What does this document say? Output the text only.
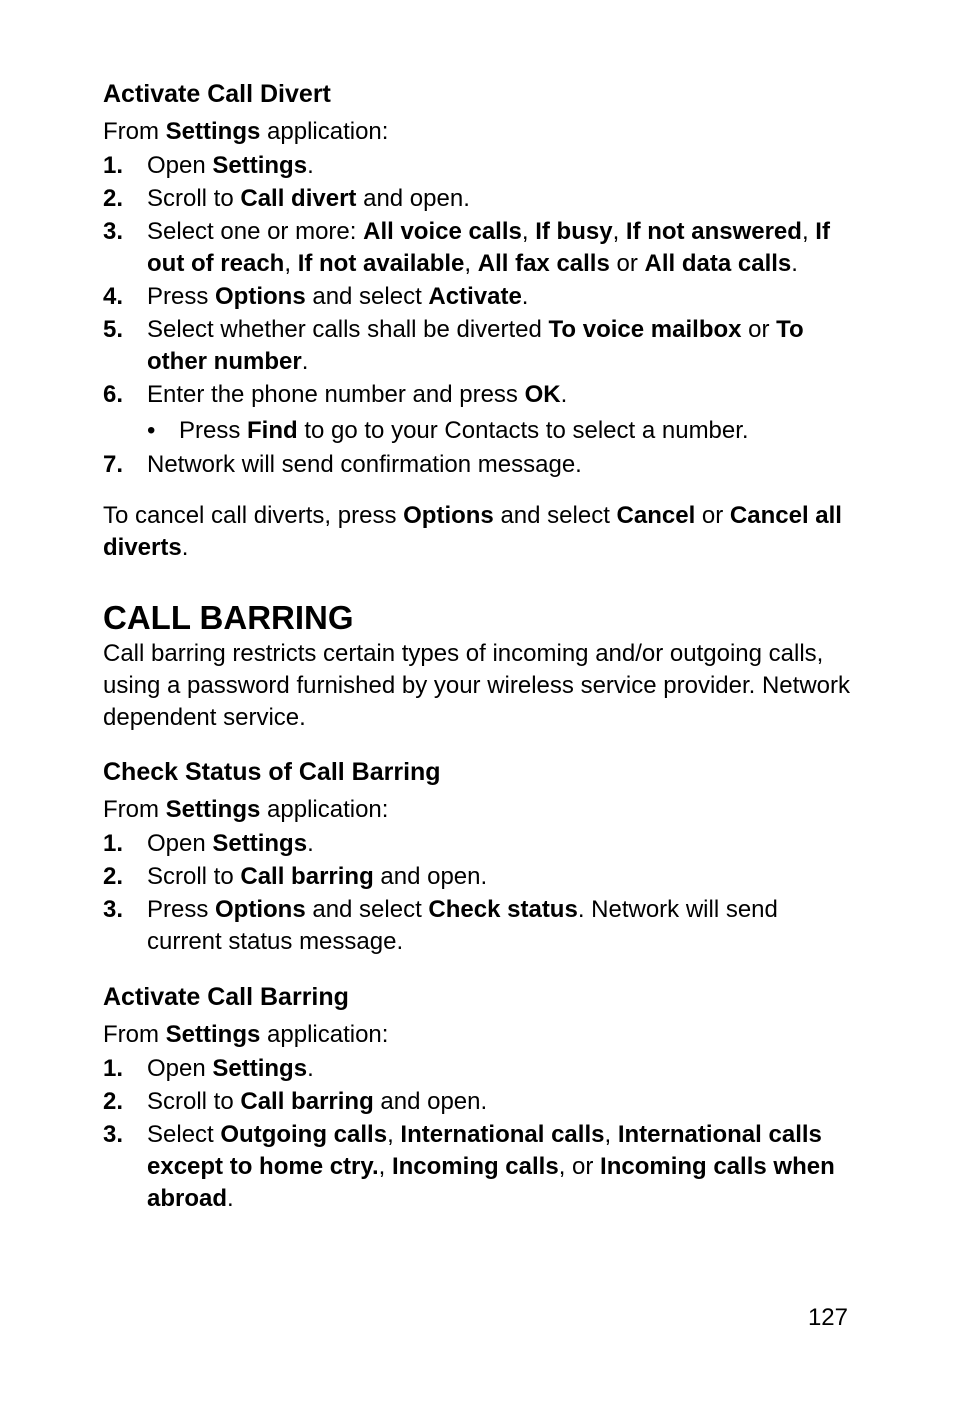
Activate Call Divert

From Settings application:

1. Open Settings.
2. Scroll to Call divert and open.
3. Select one or more: All voice calls, If busy, If not answered, If out of reach, If not available, All fax calls or All data calls.
4. Press Options and select Activate.
5. Select whether calls shall be diverted To voice mailbox or To other number.
6. Enter the phone number and press OK.
• Press Find to go to your Contacts to select a number.
7. Network will send confirmation message.

To cancel call diverts, press Options and select Cancel or Cancel all diverts.

CALL BARRING

Call barring restricts certain types of incoming and/or outgoing calls, using a password furnished by your wireless service provider. Network dependent service.

Check Status of Call Barring

From Settings application:

1. Open Settings.
2. Scroll to Call barring and open.
3. Press Options and select Check status. Network will send current status message.
Activate Call Barring

From Settings application:

1. Open Settings.
2. Scroll to Call barring and open.
3. Select Outgoing calls, International calls, International calls except to home ctry., Incoming calls, or Incoming calls when abroad.
127
